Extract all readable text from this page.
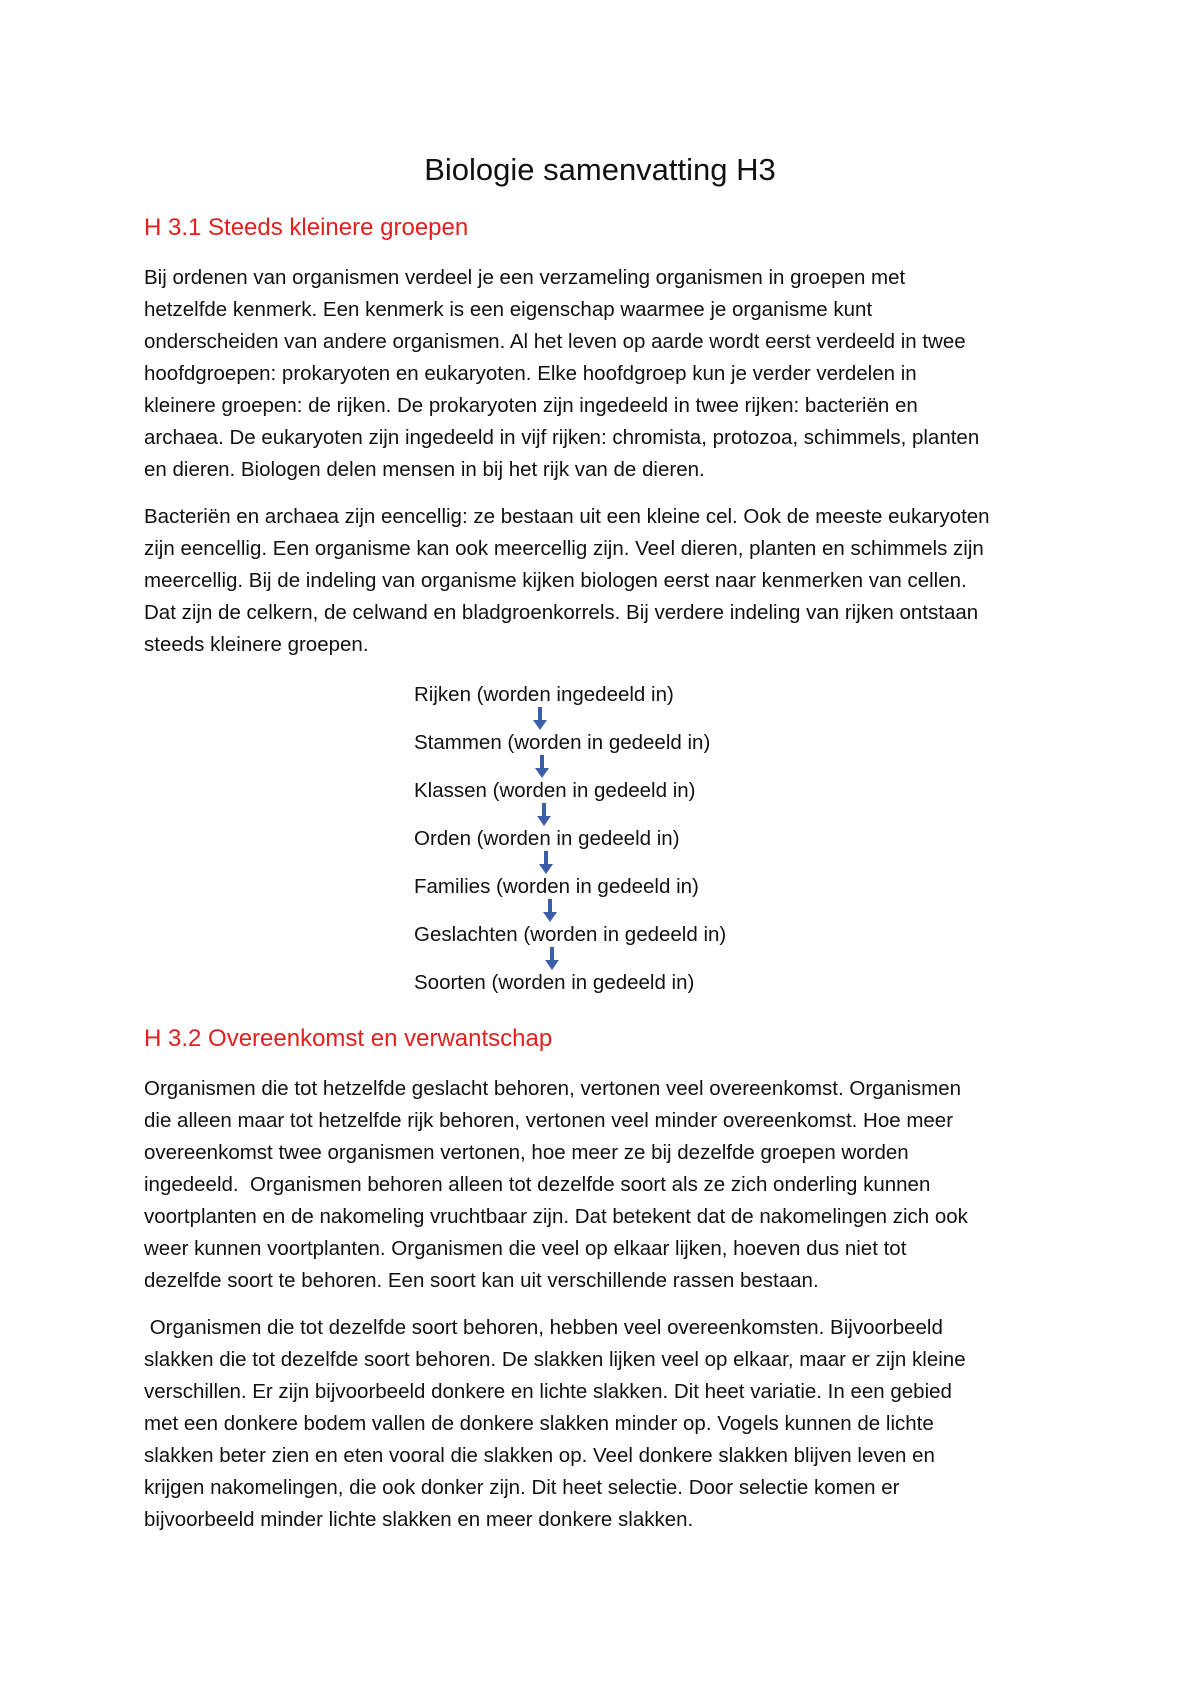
Biologie samenvatting H3
H 3.1 Steeds kleinere groepen
Bij ordenen van organismen verdeel je een verzameling organismen in groepen met
hetzelfde kenmerk. Een kenmerk is een eigenschap waarmee je organisme kunt
onderscheiden van andere organismen. Al het leven op aarde wordt eerst verdeeld in twee
hoofdgroepen: prokaryoten en eukaryoten. Elke hoofdgroep kun je verder verdelen in
kleinere groepen: de rijken. De prokaryoten zijn ingedeeld in twee rijken: bacteriën en
archaea. De eukaryoten zijn ingedeeld in vijf rijken: chromista, protozoa, schimmels, planten
en dieren. Biologen delen mensen in bij het rijk van de dieren.
Bacteriën en archaea zijn eencellig: ze bestaan uit een kleine cel. Ook de meeste eukaryoten
zijn eencellig. Een organisme kan ook meercellig zijn. Veel dieren, planten en schimmels zijn
meercellig. Bij de indeling van organisme kijken biologen eerst naar kenmerken van cellen.
Dat zijn de celkern, de celwand en bladgroenkorrels. Bij verdere indeling van rijken ontstaan
steeds kleinere groepen.
Rijken (worden ingedeeld in)
Stammen (worden in gedeeld in)
Klassen (worden in gedeeld in)
Orden (worden in gedeeld in)
Families (worden in gedeeld in)
Geslachten (worden in gedeeld in)
Soorten (worden in gedeeld in)
H 3.2 Overeenkomst en verwantschap
Organismen die tot hetzelfde geslacht behoren, vertonen veel overeenkomst. Organismen
die alleen maar tot hetzelfde rijk behoren, vertonen veel minder overeenkomst. Hoe meer
overeenkomst twee organismen vertonen, hoe meer ze bij dezelfde groepen worden
ingedeeld.  Organismen behoren alleen tot dezelfde soort als ze zich onderling kunnen
voortplanten en de nakomeling vruchtbaar zijn. Dat betekent dat de nakomelingen zich ook
weer kunnen voortplanten. Organismen die veel op elkaar lijken, hoeven dus niet tot
dezelfde soort te behoren. Een soort kan uit verschillende rassen bestaan.
Organismen die tot dezelfde soort behoren, hebben veel overeenkomsten. Bijvoorbeeld
slakken die tot dezelfde soort behoren. De slakken lijken veel op elkaar, maar er zijn kleine
verschillen. Er zijn bijvoorbeeld donkere en lichte slakken. Dit heet variatie. In een gebied
met een donkere bodem vallen de donkere slakken minder op. Vogels kunnen de lichte
slakken beter zien en eten vooral die slakken op. Veel donkere slakken blijven leven en
krijgen nakomelingen, die ook donker zijn. Dit heet selectie. Door selectie komen er
bijvoorbeeld minder lichte slakken en meer donkere slakken.
